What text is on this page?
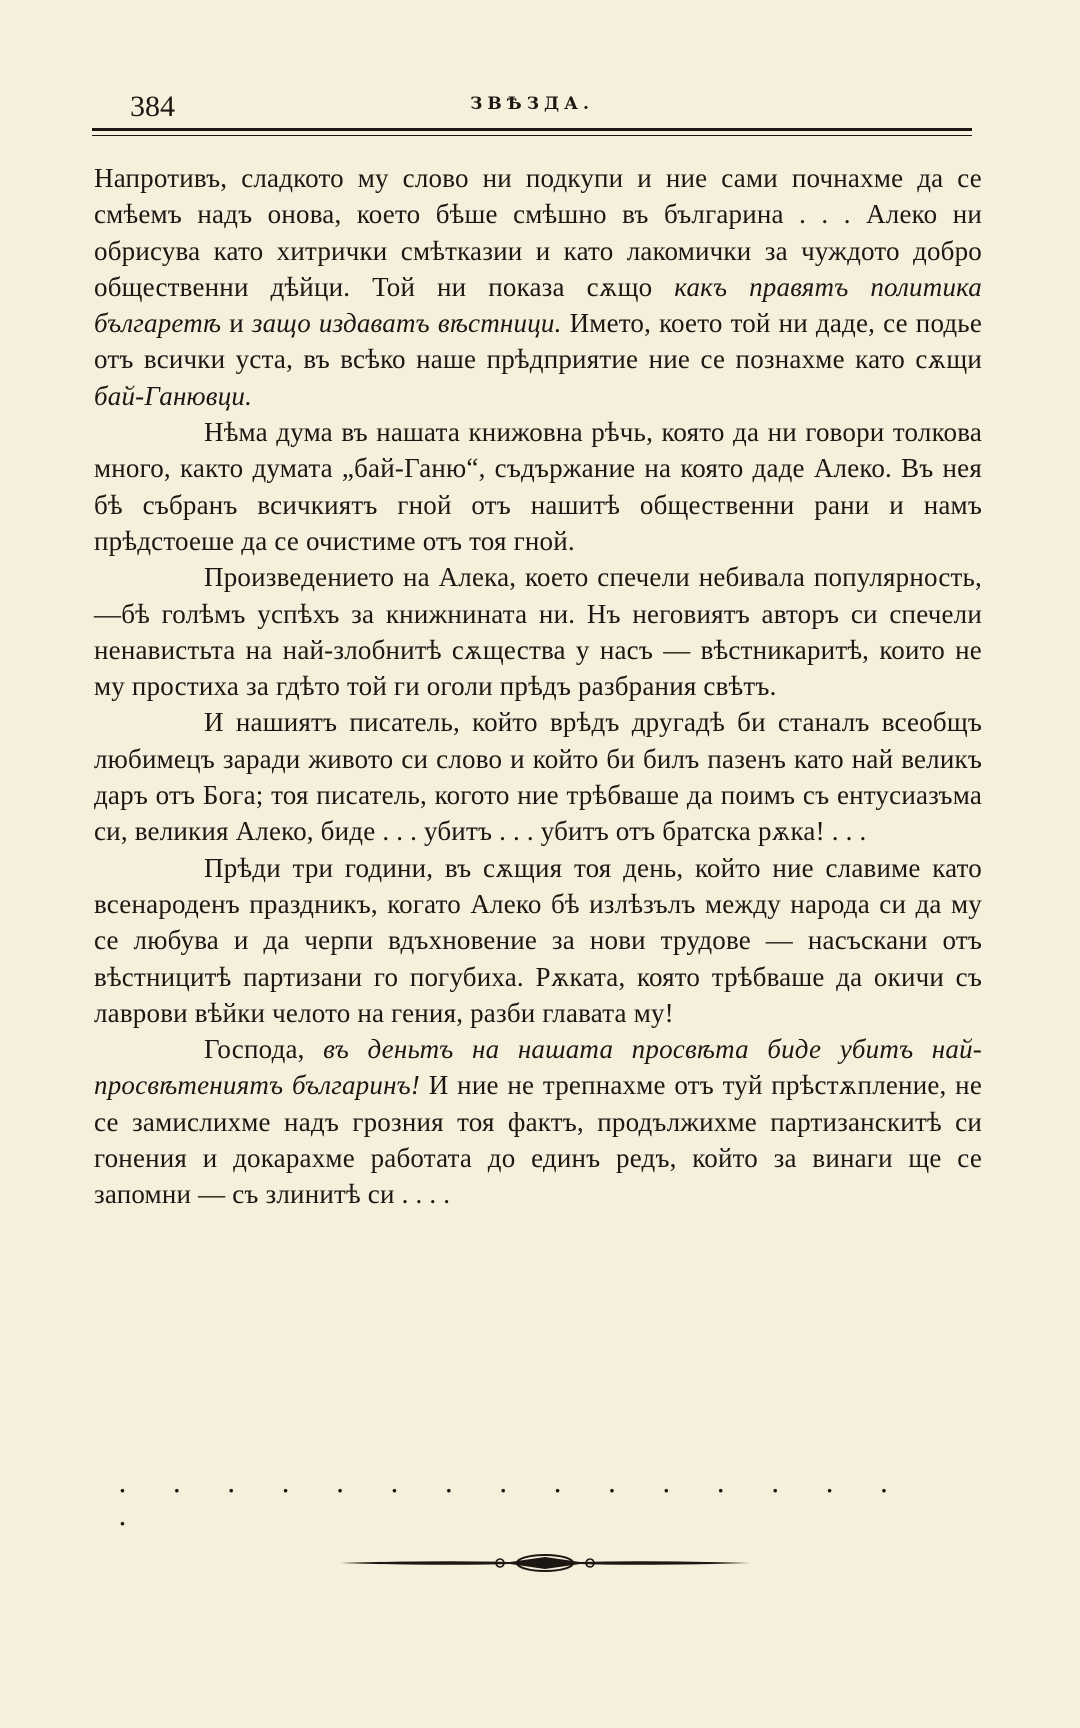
384	ЗВѢЗДА.

Напротивъ, сладкото му слово ни подкупи и ние сами почнахме да се смѣемъ надъ онова, което бѣше смѣшно въ българина . . . Алеко ни обрисува като хитрички смѣтказии и като лакомички за чуждото добро общественни дѣйци. Той ни показа сѫщо какъ правятъ политика българетѣ и защо издаватъ вѣстници. Името, което той ни даде, се подье отъ всички уста, въ всѣко наше прѣдприятие ние се познахме като сѫщи бай-Ганювци.

Нѣма дума въ нашата книжовна рѣчь, която да ни говори толкова много, както думата „бай-Ганю“, съдържание на която даде Алеко. Въ нея бѣ събранъ всичкиятъ гной отъ нашитѣ общественни рани и намъ прѣдстоеше да се очистиме отъ тоя гной.

Произведението на Алека, което спечели небивала популярность,—бѣ голѣмъ успѣхъ за книжнината ни. Нъ неговиятъ авторъ си спечели ненавистьта на най-злобнитѣ сѫщества у насъ — вѣстникаритѣ, които не му простиха за гдѣто той ги оголи прѣдъ разбрания свѣтъ.

И нашиятъ писатель, който врѣдъ другадѣ би станалъ всеобщъ любимецъ заради живото си слово и който би билъ пазенъ като най великъ даръ отъ Бога; тоя писатель, когото ние трѣбваше да поимъ съ ентусиазъма си, великия Алеко, биде . . . убитъ . . . убитъ отъ братска рѫка! . . .

Прѣди три години, въ сѫщия тоя день, който ние славиме като всенароденъ праздникъ, когато Алеко бѣ излѣзълъ между народа си да му се любува и да черпи вдъхновение за нови трудове — насъскани отъ вѣстницитѣ партизани го погубиха. Рѫката, която трѣбваше да окичи съ лаврови вѣйки челото на гения, разби главата му!

Господа, въ деньтъ на нашата просвѣта биде убитъ най-просвѣтениятъ българинъ! И ние не трепнахме отъ туй прѣстѫпление, не се замислихме надъ грозния тоя фактъ, продължихме партизанскитѣ си гонения и докарахме работата до единъ редъ, който за винаги ще се запомни — съ злинитѣ си . . . .

. . . . . . . . . . . . . . ..
